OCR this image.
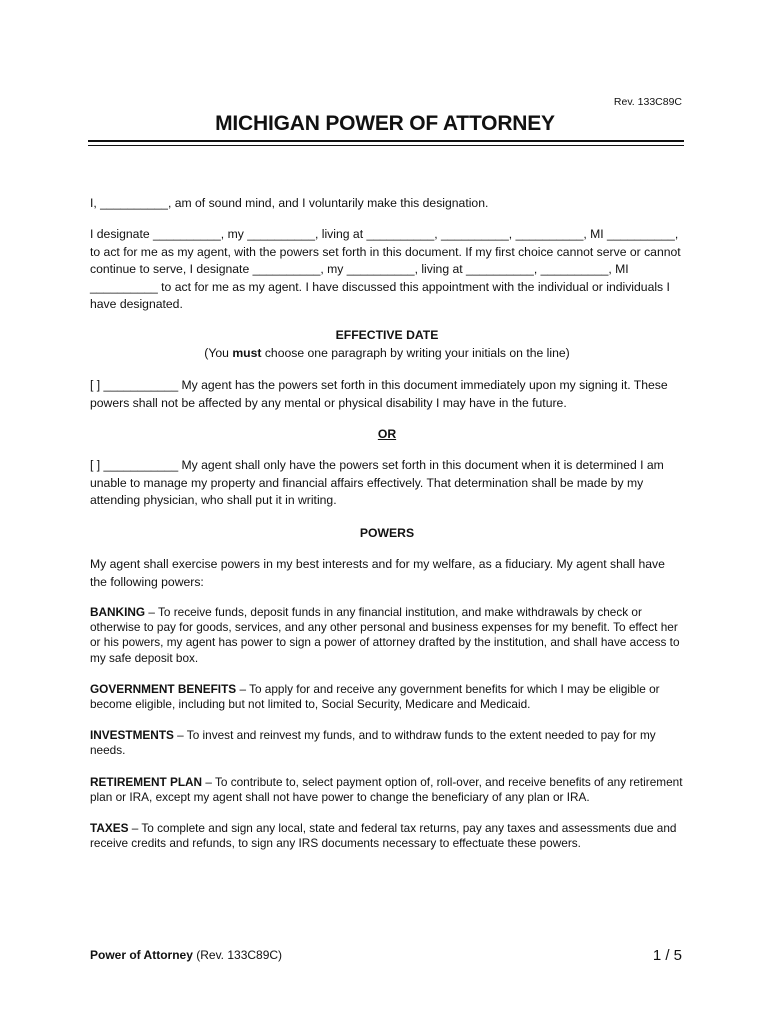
Rev. 133C89C
MICHIGAN POWER OF ATTORNEY

I, __________, am of sound mind, and I voluntarily make this designation.

I designate __________, my __________, living at __________, __________, __________, MI __________, to act for me as my agent, with the powers set forth in this document. If my first choice cannot serve or cannot continue to serve, I designate __________, my __________, living at __________, __________, MI __________ to act for me as my agent. I have discussed this appointment with the individual or individuals I have designated.

EFFECTIVE DATE

(You must choose one paragraph by writing your initials on the line)

[ ] ___________ My agent has the powers set forth in this document immediately upon my signing it. These powers shall not be affected by any mental or physical disability I may have in the future.

OR

[ ] ___________ My agent shall only have the powers set forth in this document when it is determined I am unable to manage my property and financial affairs effectively. That determination shall be made by my attending physician, who shall put it in writing.

POWERS

My agent shall exercise powers in my best interests and for my welfare, as a fiduciary. My agent shall have the following powers:

BANKING – To receive funds, deposit funds in any financial institution, and make withdrawals by check or otherwise to pay for goods, services, and any other personal and business expenses for my benefit. To effect her or his powers, my agent has power to sign a power of attorney drafted by the institution, and shall have access to my safe deposit box.

GOVERNMENT BENEFITS – To apply for and receive any government benefits for which I may be eligible or become eligible, including but not limited to, Social Security, Medicare and Medicaid.

INVESTMENTS – To invest and reinvest my funds, and to withdraw funds to the extent needed to pay for my needs.

RETIREMENT PLAN – To contribute to, select payment option of, roll-over, and receive benefits of any retirement plan or IRA, except my agent shall not have power to change the beneficiary of any plan or IRA.

TAXES – To complete and sign any local, state and federal tax returns, pay any taxes and assessments due and receive credits and refunds, to sign any IRS documents necessary to effectuate these powers.

Power of Attorney (Rev. 133C89C)	1 / 5
